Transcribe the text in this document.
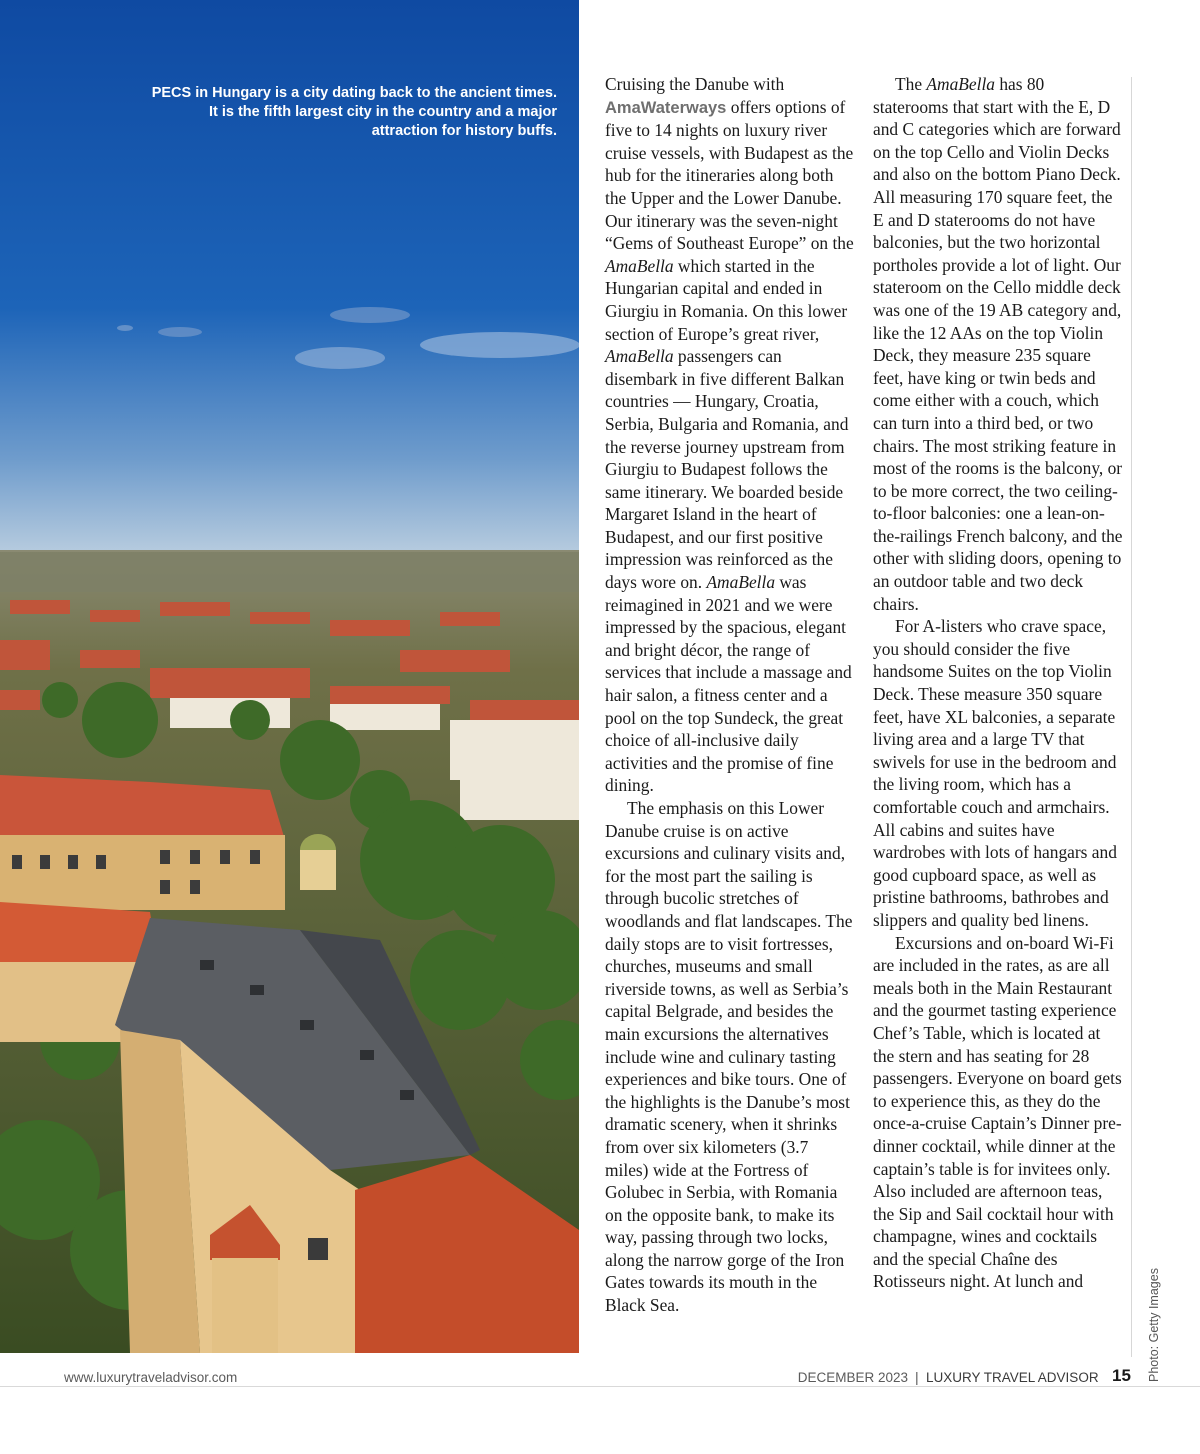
PECS in Hungary is a city dating back to the ancient times. It is the fifth largest city in the country and a major attraction for history buffs.

Cruising the Danube with AmaWaterways offers options of five to 14 nights on luxury river cruise vessels, with Budapest as the hub for the itineraries along both the Upper and the Lower Danube. Our itinerary was the seven-night “Gems of Southeast Europe” on the AmaBella which started in the Hungarian capital and ended in Giurgiu in Romania. On this lower section of Europe’s great river, AmaBella passengers can disembark in five different Balkan countries — Hungary, Croatia, Serbia, Bulgaria and Romania, and the reverse journey upstream from Giurgiu to Budapest follows the same itinerary. We boarded beside Margaret Island in the heart of Budapest, and our first positive impression was reinforced as the days wore on. AmaBella was reimagined in 2021 and we were impressed by the spacious, elegant and bright décor, the range of services that include a massage and hair salon, a fitness center and a pool on the top Sundeck, the great choice of all-inclusive daily activities and the promise of fine dining.

The emphasis on this Lower Danube cruise is on active excursions and culinary visits and, for the most part the sailing is through bucolic stretches of woodlands and flat landscapes. The daily stops are to visit fortresses, churches, museums and small riverside towns, as well as Serbia’s capital Belgrade, and besides the main excursions the alternatives include wine and culinary tasting experiences and bike tours. One of the highlights is the Danube’s most dramatic scenery, when it shrinks from over six kilometers (3.7 miles) wide at the Fortress of Golubec in Serbia, with Romania on the opposite bank, to make its way, passing through two locks, along the narrow gorge of the Iron Gates towards its mouth in the Black Sea.

The AmaBella has 80 staterooms that start with the E, D and C categories which are forward on the top Cello and Violin Decks and also on the bottom Piano Deck. All measuring 170 square feet, the E and D staterooms do not have balconies, but the two horizontal portholes provide a lot of light. Our stateroom on the Cello middle deck was one of the 19 AB category and, like the 12 AAs on the top Violin Deck, they measure 235 square feet, have king or twin beds and come either with a couch, which can turn into a third bed, or two chairs. The most striking feature in most of the rooms is the balcony, or to be more correct, the two ceiling-to-floor balconies: one a lean-on-the-railings French balcony, and the other with sliding doors, opening to an outdoor table and two deck chairs.

For A-listers who crave space, you should consider the five handsome Suites on the top Violin Deck. These measure 350 square feet, have XL balconies, a separate living area and a large TV that swivels for use in the bedroom and the living room, which has a comfortable couch and armchairs. All cabins and suites have wardrobes with lots of hangars and good cupboard space, as well as pristine bathrooms, bathrobes and slippers and quality bed linens.

Excursions and on-board Wi-Fi are included in the rates, as are all meals both in the Main Restaurant and the gourmet tasting experience Chef’s Table, which is located at the stern and has seating for 28 passengers. Everyone on board gets to experience this, as they do the once-a-cruise Captain’s Dinner pre-dinner cocktail, while dinner at the captain’s table is for invitees only. Also included are afternoon teas, the Sip and Sail cocktail hour with champagne, wines and cocktails and the special Chaîne des Rotisseurs night. At lunch and	Photo: Getty Images
www.luxurytraveladvisor.com	DECEMBER 2023 | LUXURY TRAVEL ADVISOR 15
